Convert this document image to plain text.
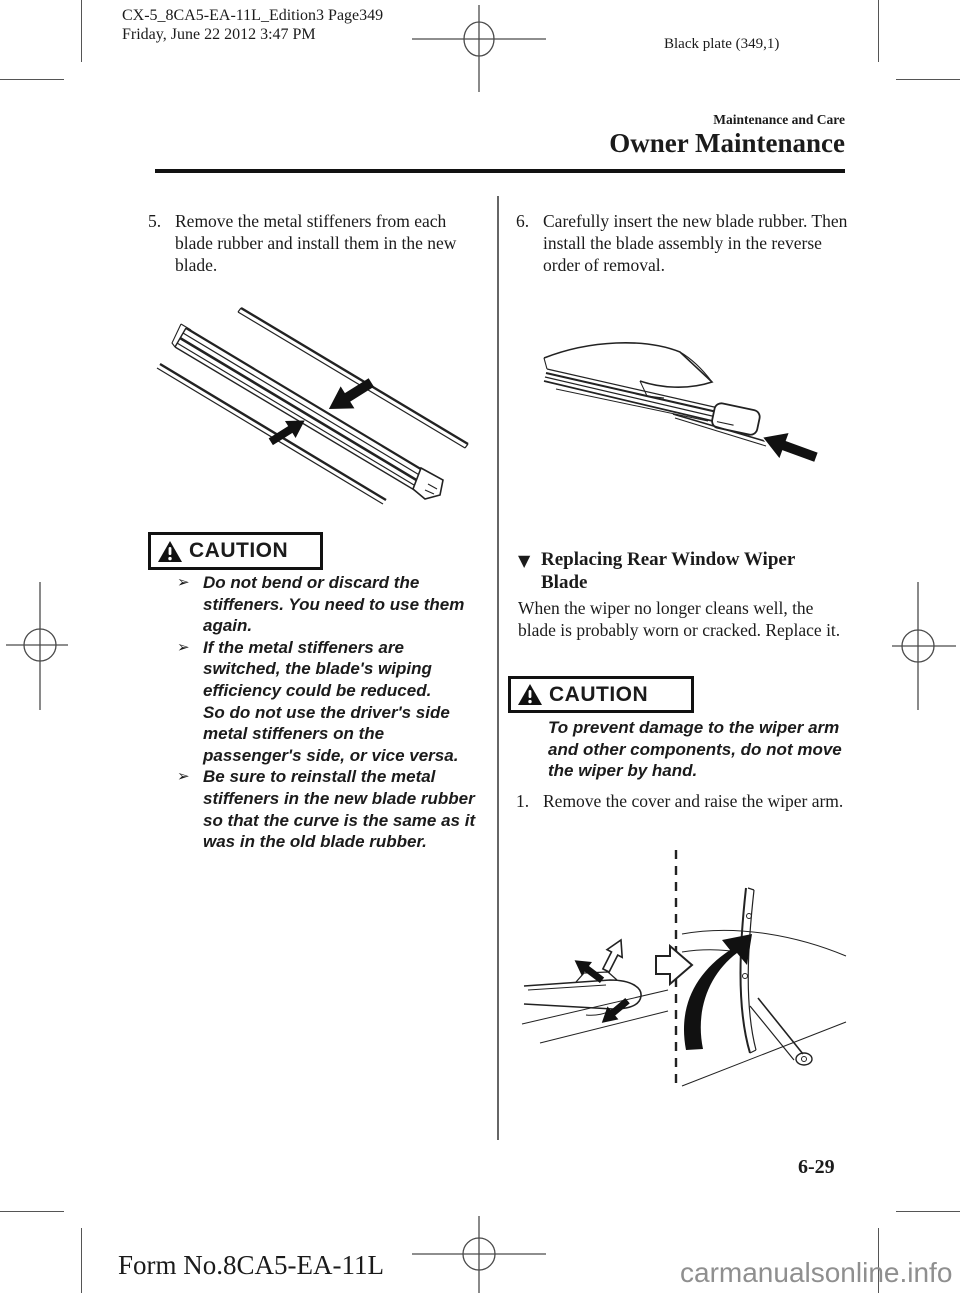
CX-5_8CA5-EA-11L_Edition3 Page349
Friday, June 22 2012 3:47 PM
Black plate (349,1)
Maintenance and Care
Owner Maintenance
5. Remove the metal stiffeners from each blade rubber and install them in the new blade.
CAUTION
➢ Do not bend or discard the stiffeners. You need to use them again.
➢ If the metal stiffeners are switched, the blade's wiping efficiency could be reduced.
So do not use the driver's side metal stiffeners on the passenger's side, or vice versa.
➢ Be sure to reinstall the metal stiffeners in the new blade rubber so that the curve is the same as it was in the old blade rubber.
6. Carefully insert the new blade rubber. Then install the blade assembly in the reverse order of removal.
▼ Replacing Rear Window Wiper Blade
When the wiper no longer cleans well, the blade is probably worn or cracked. Replace it.
CAUTION
To prevent damage to the wiper arm and other components, do not move the wiper by hand.
1. Remove the cover and raise the wiper arm.
6-29
Form No.8CA5-EA-11L	carmanualsonline.info
